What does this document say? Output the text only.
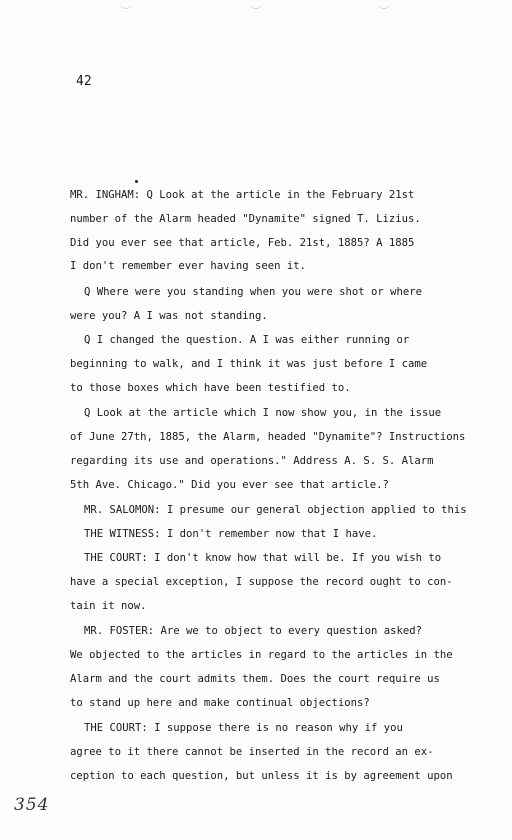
42
MR. INGHAM: Q Look at the article in the February 21st
number of the Alarm headed "Dynamite" signed T. Lizius.
Did you ever see that article, Feb. 21st, 1885? A 1885
I don't remember ever having seen it.
Q Where were you standing when you were shot or where
were you? A I was not standing.
Q I changed the question. A I was either running or
beginning to walk, and I think it was just before I came
to those boxes which have been testified to.
Q Look at the article which I now show you, in the issue
of June 27th, 1885, the Alarm, headed "Dynamite"? Instructions
regarding its use and operations." Address A. S. S. Alarm
5th Ave. Chicago." Did you ever see that article.?
MR. SALOMON: I presume our general objection applied to this
THE WITNESS: I don't remember now that I have.
THE COURT: I don't know how that will be. If you wish to
have a special exception, I suppose the record ought to con-
tain it now.
MR. FOSTER: Are we to object to every question asked?
We objected to the articles in regard to the articles in the
Alarm and the court admits them. Does the court require us
to stand up here and make continual objections?
THE COURT: I suppose there is no reason why if you
agree to it there cannot be inserted in the record an ex-
ception to each question, but unless it is by agreement upon
354
